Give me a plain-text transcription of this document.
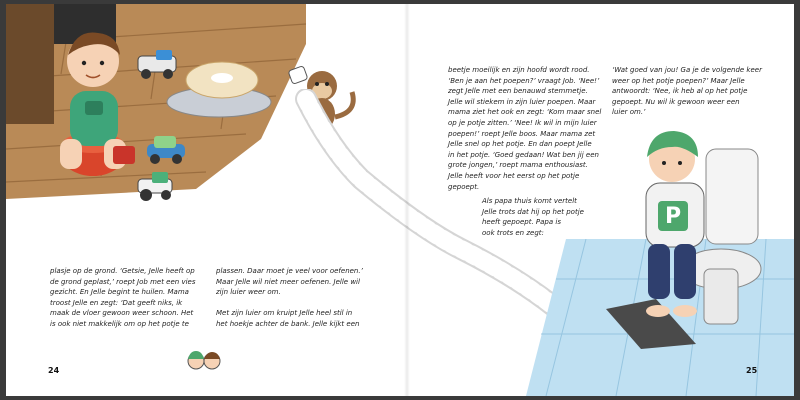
P
plasje op de grond. ‘Getsie, Jelle heeft op
de grond geplast,’ roept Job met een vies
gezicht. En Jelle begint te huilen. Mama
troost Jelle en zegt: ‘Dat geeft niks, ik
maak de vloer gewoon weer schoon. Het
is ook niet makkelijk om op het potje te
plassen. Daar moet je veel voor oefenen.’
Maar Jelle wil niet meer oefenen. Jelle wil
zijn luier weer om.

Met zijn luier om kruipt Jelle heel stil in
het hoekje achter de bank. Jelle kijkt een
beetje moeilijk en zijn hoofd wordt rood.
‘Ben je aan het poepen?’ vraagt Job. ‘Nee!’
zegt Jelle met een benauwd stemmetje.
Jelle wil stiekem in zijn luier poepen. Maar
mama ziet het ook en zegt: ‘Kom maar snel
op je potje zitten.’ ‘Nee! Ik wil in mijn luier
poepen!’ roept Jelle boos. Maar mama zet
Jelle snel op het potje. En dan poept Jelle
in het potje. ‘Goed gedaan! Wat ben jij een
grote jongen,’ roept mama enthousiast.
Jelle heeft voor het eerst op het potje
gepoept.
Als papa thuis komt vertelt
Jelle trots dat hij op het potje
heeft gepoept. Papa is
ook trots en zegt:
‘Wat goed van jou! Ga je de volgende keer
weer op het potje poepen?’ Maar Jelle
antwoordt: ‘Nee, ik heb al op het potje
gepoept. Nu wil ik gewoon weer een
luier om.’
24	25
